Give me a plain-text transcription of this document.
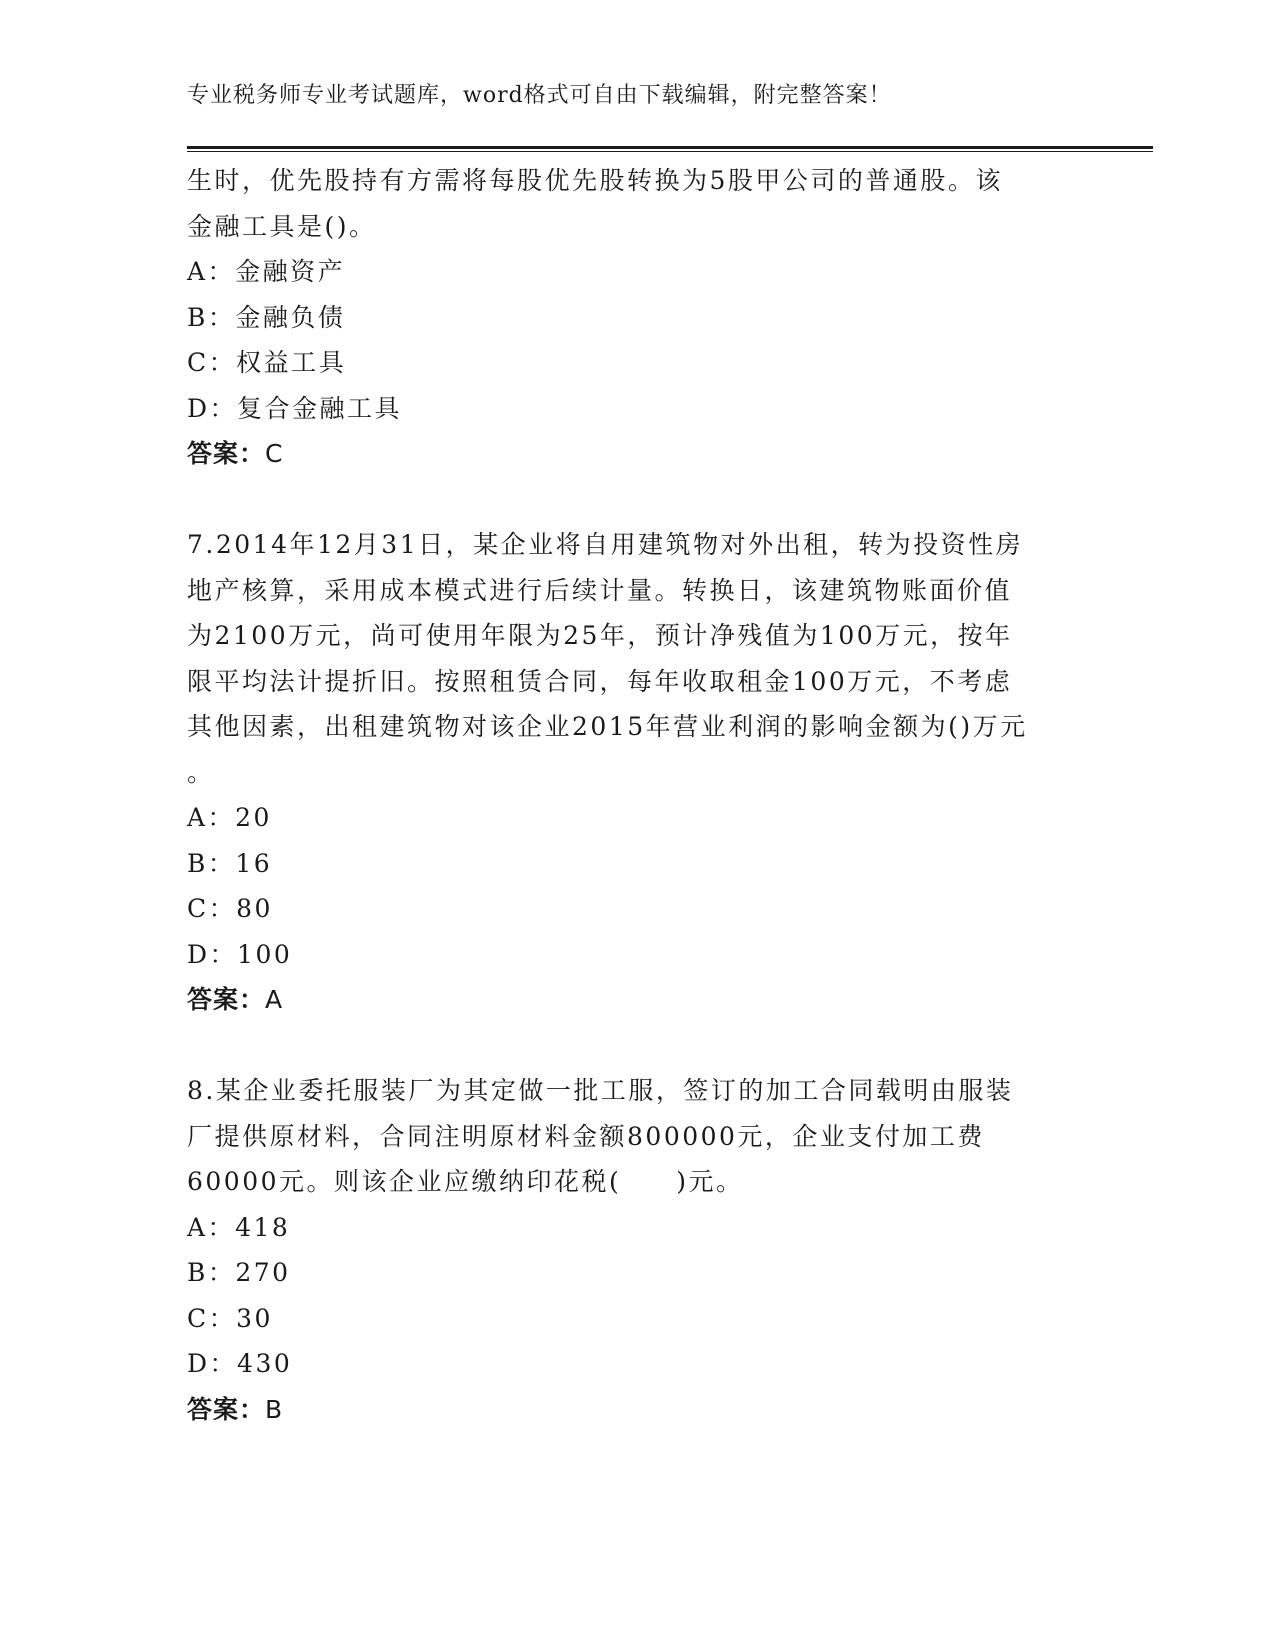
专业税务师专业考试题库，word格式可自由下载编辑，附完整答案！
生时，优先股持有方需将每股优先股转换为5股甲公司的普通股。该
金融工具是()。
A：金融资产
B：金融负债
C：权益工具
D：复合金融工具
答案：C
7.2014年12月31日，某企业将自用建筑物对外出租，转为投资性房
地产核算，采用成本模式进行后续计量。转换日，该建筑物账面价值
为2100万元，尚可使用年限为25年，预计净残值为100万元，按年
限平均法计提折旧。按照租赁合同，每年收取租金100万元，不考虑
其他因素，出租建筑物对该企业2015年营业利润的影响金额为()万元
。
A：20
B：16
C：80
D：100
答案：A
8.某企业委托服装厂为其定做一批工服，签订的加工合同载明由服装
厂提供原材料，合同注明原材料金额800000元，企业支付加工费
60000元。则该企业应缴纳印花税(　　)元。
A：418
B：270
C：30
D：430
答案：B
